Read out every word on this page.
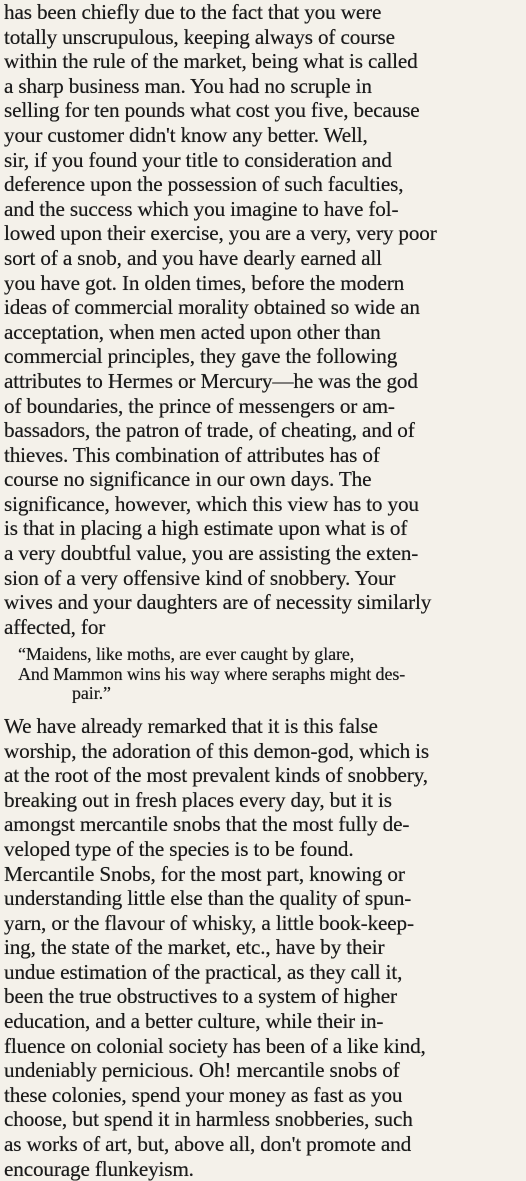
has been chiefly due to the fact that you were
totally unscrupulous, keeping always of course
within the rule of the market, being what is called
a sharp business man. You had no scruple in
selling for ten pounds what cost you five, because
your customer didn't know any better. Well,
sir, if you found your title to consideration and
deference upon the possession of such faculties,
and the success which you imagine to have fol-
lowed upon their exercise, you are a very, very poor
sort of a snob, and you have dearly earned all
you have got. In olden times, before the modern
ideas of commercial morality obtained so wide an
acceptation, when men acted upon other than
commercial principles, they gave the following
attributes to Hermes or Mercury—he was the god
of boundaries, the prince of messengers or am-
bassadors, the patron of trade, of cheating, and of
thieves. This combination of attributes has of
course no significance in our own days. The
significance, however, which this view has to you
is that in placing a high estimate upon what is of
a very doubtful value, you are assisting the exten-
sion of a very offensive kind of snobbery. Your
wives and your daughters are of necessity similarly
affected, for
“Maidens, like moths, are ever caught by glare,
And Mammon wins his way where seraphs might des-
pair.”
We have already remarked that it is this false
worship, the adoration of this demon-god, which is
at the root of the most prevalent kinds of snobbery,
breaking out in fresh places every day, but it is
amongst mercantile snobs that the most fully de-
veloped type of the species is to be found.
Mercantile Snobs, for the most part, knowing or
understanding little else than the quality of spun-
yarn, or the flavour of whisky, a little book-keep-
ing, the state of the market, etc., have by their
undue estimation of the practical, as they call it,
been the true obstructives to a system of higher
education, and a better culture, while their in-
fluence on colonial society has been of a like kind,
undeniably pernicious. Oh! mercantile snobs of
these colonies, spend your money as fast as you
choose, but spend it in harmless snobberies, such
as works of art, but, above all, don't promote and
encourage flunkeyism.
